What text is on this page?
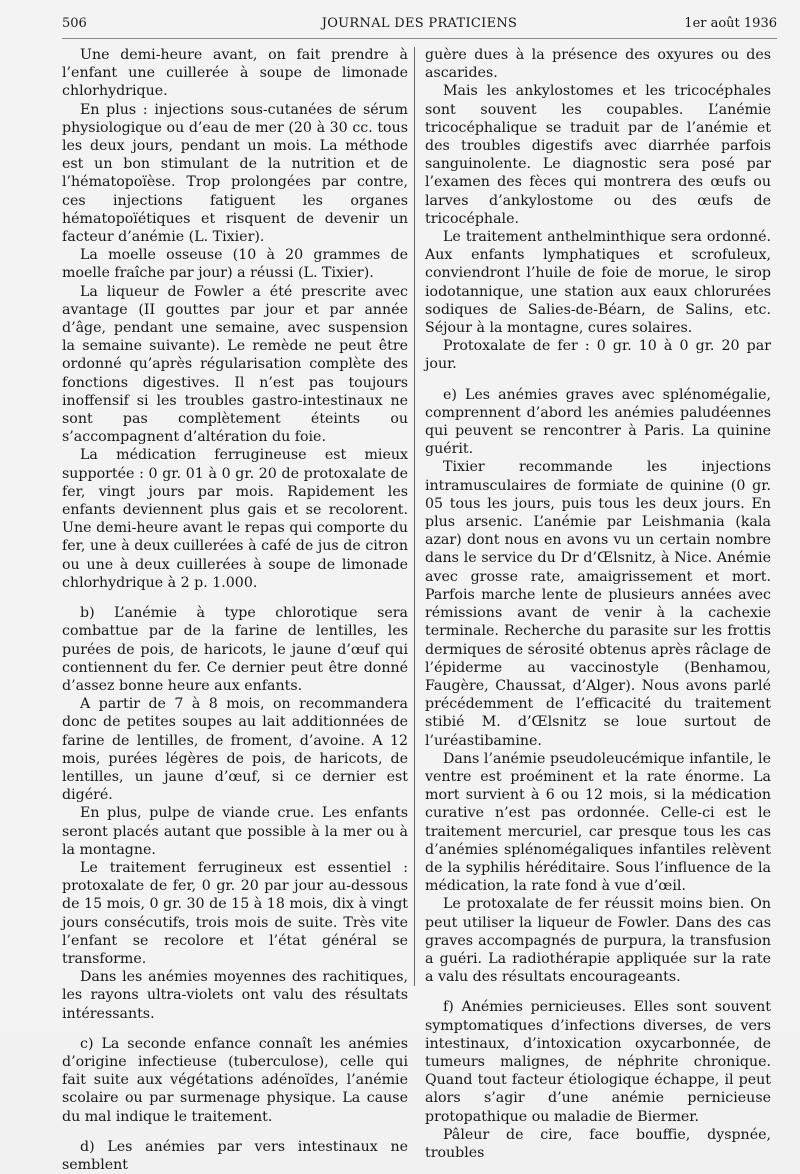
506	JOURNAL DES PRATICIENS	1er août 1936

Une demi-heure avant, on fait prendre à l’enfant une cuillerée à soupe de limonade chlorhydrique.

En plus : injections sous-cutanées de sérum physiologique ou d’eau de mer (20 à 30 cc. tous les deux jours, pendant un mois. La méthode est un bon stimulant de la nutrition et de l’hématopoïèse. Trop prolongées par contre, ces injections fatiguent les organes hématopoïétiques et risquent de devenir un facteur d’anémie (L. Tixier).

La moelle osseuse (10 à 20 grammes de moelle fraîche par jour) a réussi (L. Tixier).

La liqueur de Fowler a été prescrite avec avantage (II gouttes par jour et par année d’âge, pendant une semaine, avec suspension la semaine suivante). Le remède ne peut être ordonné qu’après régularisation complète des fonctions digestives. Il n’est pas toujours inoffensif si les troubles gastro-intestinaux ne sont pas complètement éteints ou s’accompagnent d’altération du foie.

La médication ferrugineuse est mieux supportée : 0 gr. 01 à 0 gr. 20 de protoxalate de fer, vingt jours par mois. Rapidement les enfants deviennent plus gais et se recolorent. Une demi-heure avant le repas qui comporte du fer, une à deux cuillerées à café de jus de citron ou une à deux cuillerées à soupe de limonade chlorhydrique à 2 p. 1.000.

b) L’anémie à type chlorotique sera combattue par de la farine de lentilles, les purées de pois, de haricots, le jaune d’œuf qui contiennent du fer. Ce dernier peut être donné d’assez bonne heure aux enfants.

A partir de 7 à 8 mois, on recommandera donc de petites soupes au lait additionnées de farine de lentilles, de froment, d’avoine. A 12 mois, purées légères de pois, de haricots, de lentilles, un jaune d’œuf, si ce dernier est digéré.

En plus, pulpe de viande crue. Les enfants seront placés autant que possible à la mer ou à la montagne.

Le traitement ferrugineux est essentiel : protoxalate de fer, 0 gr. 20 par jour au-dessous de 15 mois, 0 gr. 30 de 15 à 18 mois, dix à vingt jours consécutifs, trois mois de suite. Très vite l’enfant se recolore et l’état général se transforme.

Dans les anémies moyennes des rachitiques, les rayons ultra-violets ont valu des résultats intéressants.

c) La seconde enfance connaît les anémies d’origine infectieuse (tuberculose), celle qui fait suite aux végétations adénoïdes, l’anémie scolaire ou par surmenage physique. La cause du mal indique le traitement.

d) Les anémies par vers intestinaux ne semblent

guère dues à la présence des oxyures ou des ascarides.

Mais les ankylostomes et les tricocéphales sont souvent les coupables. L’anémie tricocéphalique se traduit par de l’anémie et des troubles digestifs avec diarrhée parfois sanguinolente. Le diagnostic sera posé par l’examen des fèces qui montrera des œufs ou larves d’ankylostome ou des œufs de tricocéphale.

Le traitement anthelminthique sera ordonné. Aux enfants lymphatiques et scrofuleux, conviendront l’huile de foie de morue, le sirop iodotannique, une station aux eaux chlorurées sodiques de Salies-de-Béarn, de Salins, etc. Séjour à la montagne, cures solaires.

Protoxalate de fer : 0 gr. 10 à 0 gr. 20 par jour.

e) Les anémies graves avec splénomégalie, comprennent d’abord les anémies paludéennes qui peuvent se rencontrer à Paris. La quinine guérit.

Tixier recommande les injections intramusculaires de formiate de quinine (0 gr. 05 tous les jours, puis tous les deux jours. En plus arsenic. L’anémie par Leishmania (kala azar) dont nous en avons vu un certain nombre dans le service du Dr d’Œlsnitz, à Nice. Anémie avec grosse rate, amaigrissement et mort. Parfois marche lente de plusieurs années avec rémissions avant de venir à la cachexie terminale. Recherche du parasite sur les frottis dermiques de sérosité obtenus après râclage de l’épiderme au vaccinostyle (Benhamou, Faugère, Chaussat, d’Alger). Nous avons parlé précédemment de l’efficacité du traitement stibié M. d’Œlsnitz se loue surtout de l’uréastibamine.

Dans l’anémie pseudoleucémique infantile, le ventre est proéminent et la rate énorme. La mort survient à 6 ou 12 mois, si la médication curative n’est pas ordonnée. Celle-ci est le traitement mercuriel, car presque tous les cas d’anémies splénomégaliques infantiles relèvent de la syphilis héréditaire. Sous l’influence de la médication, la rate fond à vue d’œil.

Le protoxalate de fer réussit moins bien. On peut utiliser la liqueur de Fowler. Dans des cas graves accompagnés de purpura, la transfusion a guéri. La radiothérapie appliquée sur la rate a valu des résultats encourageants.

f) Anémies pernicieuses. Elles sont souvent symptomatiques d’infections diverses, de vers intestinaux, d’intoxication oxycarbonnée, de tumeurs malignes, de néphrite chronique. Quand tout facteur étiologique échappe, il peut alors s’agir d’une anémie pernicieuse protopathique ou maladie de Biermer.

Pâleur de cire, face bouffie, dyspnée, troubles
